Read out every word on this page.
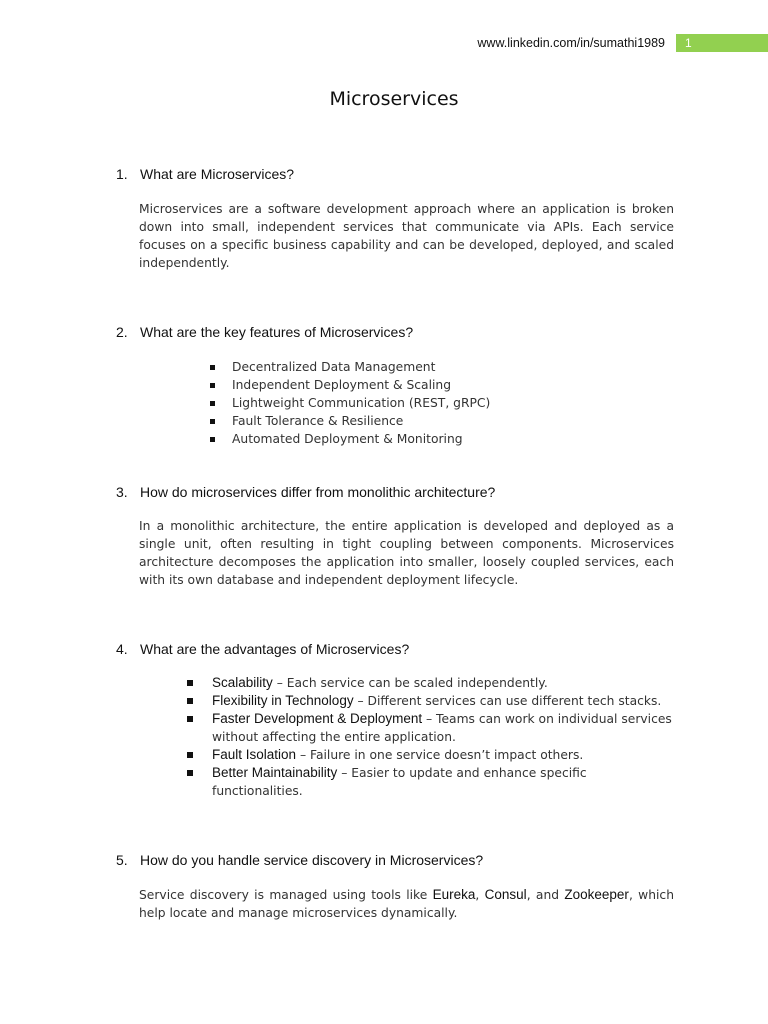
www.linkedin.com/in/sumathi1989	1
Microservices
1. What are Microservices?
Microservices are a software development approach where an application is broken down into small, independent services that communicate via APIs. Each service focuses on a specific business capability and can be developed, deployed, and scaled independently.
2. What are the key features of Microservices?
Decentralized Data Management
Independent Deployment & Scaling
Lightweight Communication (REST, gRPC)
Fault Tolerance & Resilience
Automated Deployment & Monitoring
3. How do microservices differ from monolithic architecture?
In a monolithic architecture, the entire application is developed and deployed as a single unit, often resulting in tight coupling between components. Microservices architecture decomposes the application into smaller, loosely coupled services, each with its own database and independent deployment lifecycle.
4. What are the advantages of Microservices?
Scalability – Each service can be scaled independently.
Flexibility in Technology – Different services can use different tech stacks.
Faster Development & Deployment – Teams can work on individual services without affecting the entire application.
Fault Isolation – Failure in one service doesn’t impact others.
Better Maintainability – Easier to update and enhance specific functionalities.
5. How do you handle service discovery in Microservices?
Service discovery is managed using tools like Eureka, Consul, and Zookeeper, which help locate and manage microservices dynamically.
